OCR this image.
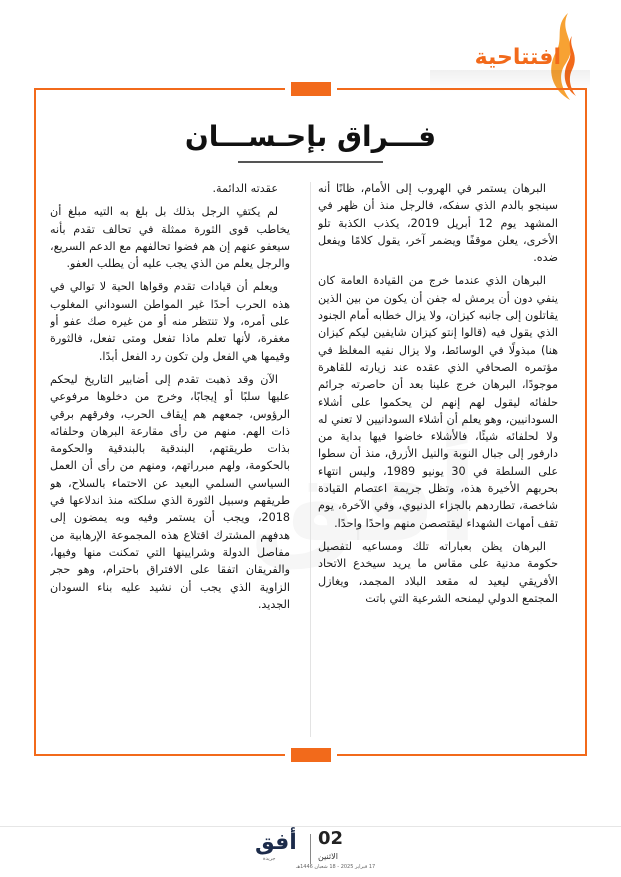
افتتاحية
فـــراق بإحـســـان

البرهان يستمر في الهروب إلى الأمام، ظانًا أنه سينجو بالدم الذي سفكه، فالرجل منذ أن ظهر في المشهد يوم 12 أبريل 2019، يكذب الكذبة تلو الأخرى، يعلن موقفًا ويضمر آخر، يقول كلامًا ويفعل ضده.

البرهان الذي عندما خرج من القيادة العامة كان ينفي دون أن يرمش له جفن أن يكون من بين الذين يقاتلون إلى جانبه كيزان، ولا يزال خطابه أمام الجنود الذي يقول فيه (قالوا إنتو كيزان شايفين ليكم كيزان هنا) مبذولًا في الوسائط، ولا يزال نفيه المغلظ في مؤتمره الصحافي الذي عقده عند زيارته للقاهرة موجودًا، البرهان خرج علينا بعد أن حاصرته جرائم حلفائه ليقول لهم إنهم لن يحكموا على أشلاء السودانيين، وهو يعلم أن أشلاء السودانيين لا تعني له ولا لحلفائه شيئًا، فالأشلاء خاضوا فيها بداية من دارفور إلى جبال النوبة والنيل الأزرق، منذ أن سطوا على السلطة في 30 يونيو 1989، وليس انتهاء بحربهم الأخيرة هذه، وتظل جريمة اعتصام القيادة شاخصة، تطاردهم بالجزاء الدنيوي، وفي الآخرة، يوم تقف أمهات الشهداء ليقتصصن منهم واحدًا واحدًا.

البرهان يظن بعباراته تلك ومساعيه لتفصيل حكومة مدنية على مقاس ما يريد سيخدع الاتحاد الأفريقي ليعيد له مقعد البلاد المجمد، ويغازل المجتمع الدولي ليمنحه الشرعية التي باتت

عقدته الدائمة.

لم يكتفِ الرجل بذلك بل بلغ به التيه مبلغ أن يخاطب قوى الثورة ممثلة في تحالف تقدم بأنه سيعفو عنهم إن هم فضوا تحالفهم مع الدعم السريع، والرجل يعلم من الذي يجب عليه أن يطلب العفو.

ويعلم أن قيادات تقدم وقواها الحية لا توالي في هذه الحرب أحدًا غير المواطن السوداني المغلوب على أمره، ولا تنتظر منه أو من غيره صك عفو أو مغفرة، لأنها تعلم ماذا تفعل ومتى تفعل، فالثورة وقيمها هي الفعل ولن تكون رد الفعل أبدًا.

الآن وقد ذهبت تقدم إلى أضابير التاريخ ليحكم عليها سلبًا أو إيجابًا، وخرج من دخلوها مرفوعي الرؤوس، جمعهم هم إيقاف الحرب، وفرقهم برقي ذات الهم. منهم من رأى مقارعة البرهان وحلفائه بذات طريقتهم، البندقية بالبندقية والحكومة بالحكومة، ولهم مبرراتهم، ومنهم من رأى أن العمل السياسي السلمي البعيد عن الاحتماء بالسلاح، هو طريقهم وسبيل الثورة الذي سلكته منذ اندلاعها في 2018، ويجب أن يستمر وفيه وبه يمضون إلى هدفهم المشترك اقتلاع هذه المجموعة الإرهابية من مفاصل الدولة وشرايينها التي تمكنت منها وفيها، والفريقان اتفقا على الافتراق باحترام، وهو حجر الزاوية الذي يجب أن نشيد عليه بناء السودان الجديد.

أفق
جريدة
02
الاثنين
17 فبراير 2025 - 18 شعبان 1446هـ
